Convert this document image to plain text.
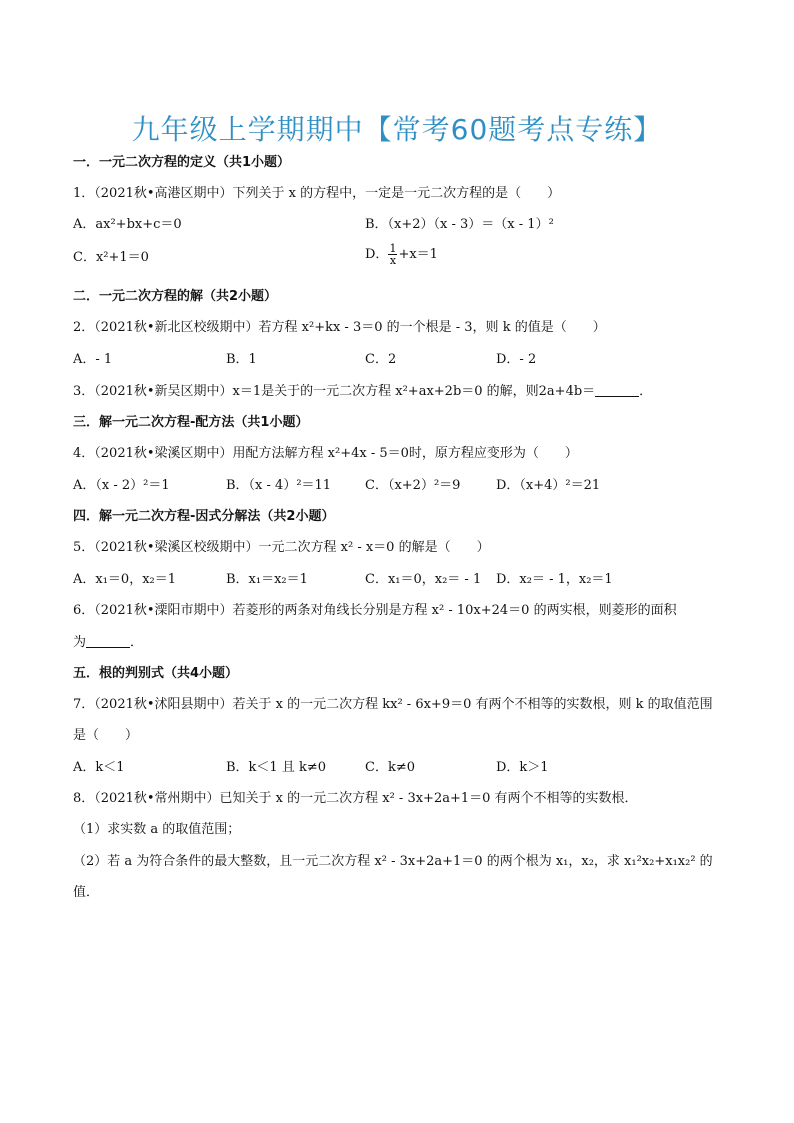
九年级上学期期中【常考60题考点专练】
一．一元二次方程的定义（共1小题）
1．（2021秋•高港区期中）下列关于 x 的方程中，一定是一元二次方程的是（　　）
A．ax²+bx+c＝0	B．（x+2）（x - 3）＝（x - 1）²
C．x²+1＝0	D． $\frac{1}{x} +x=1$
二．一元二次方程的解（共2小题）
2．（2021秋•新北区校级期中）若方程 x²+kx - 3＝0 的一个根是 - 3，则 k 的值是（　　）
A．- 1	B．1	C．2	D．- 2
3．（2021秋•新吴区期中）x＝1是关于的一元二次方程 x²+ax+2b＝0 的解，则2a+4b＝	．
三．解一元二次方程-配方法（共1小题）
4．（2021秋•梁溪区期中）用配方法解方程 x²+4x - 5＝0时，原方程应变形为（　　）
A．（x - 2）²＝1	B．（x - 4）²＝11	C．（x+2）²＝9	D．（x+4）²＝21
四．解一元二次方程-因式分解法（共2小题）
5．（2021秋•梁溪区校级期中）一元二次方程 x² - x＝0 的解是（　　）
A．x₁＝0，x₂＝1	B．x₁＝x₂＝1	C．x₁＝0，x₂＝ - 1 D．x₂＝ - 1，x₂＝1
6．（2021秋•溧阳市期中）若菱形的两条对角线长分别是方程 x² - 10x+24＝0 的两实根，则菱形的面积
为	．
五．根的判别式（共4小题）
7．（2021秋•沭阳县期中）若关于 x 的一元二次方程 kx² - 6x+9＝0 有两个不相等的实数根，则 k 的取值范围
是（　　）
A．k＜1	B．k＜1 且 k≠0	C．k≠0	D．k＞1
8．（2021秋•常州期中）已知关于 x 的一元二次方程 x² - 3x+2a+1＝0 有两个不相等的实数根．
（1）求实数 a 的取值范围；
（2）若 a 为符合条件的最大整数，且一元二次方程 x² - 3x+2a+1＝0 的两个根为 x₁，x₂，求 x₁²x₂+x₁x₂² 的
值．
